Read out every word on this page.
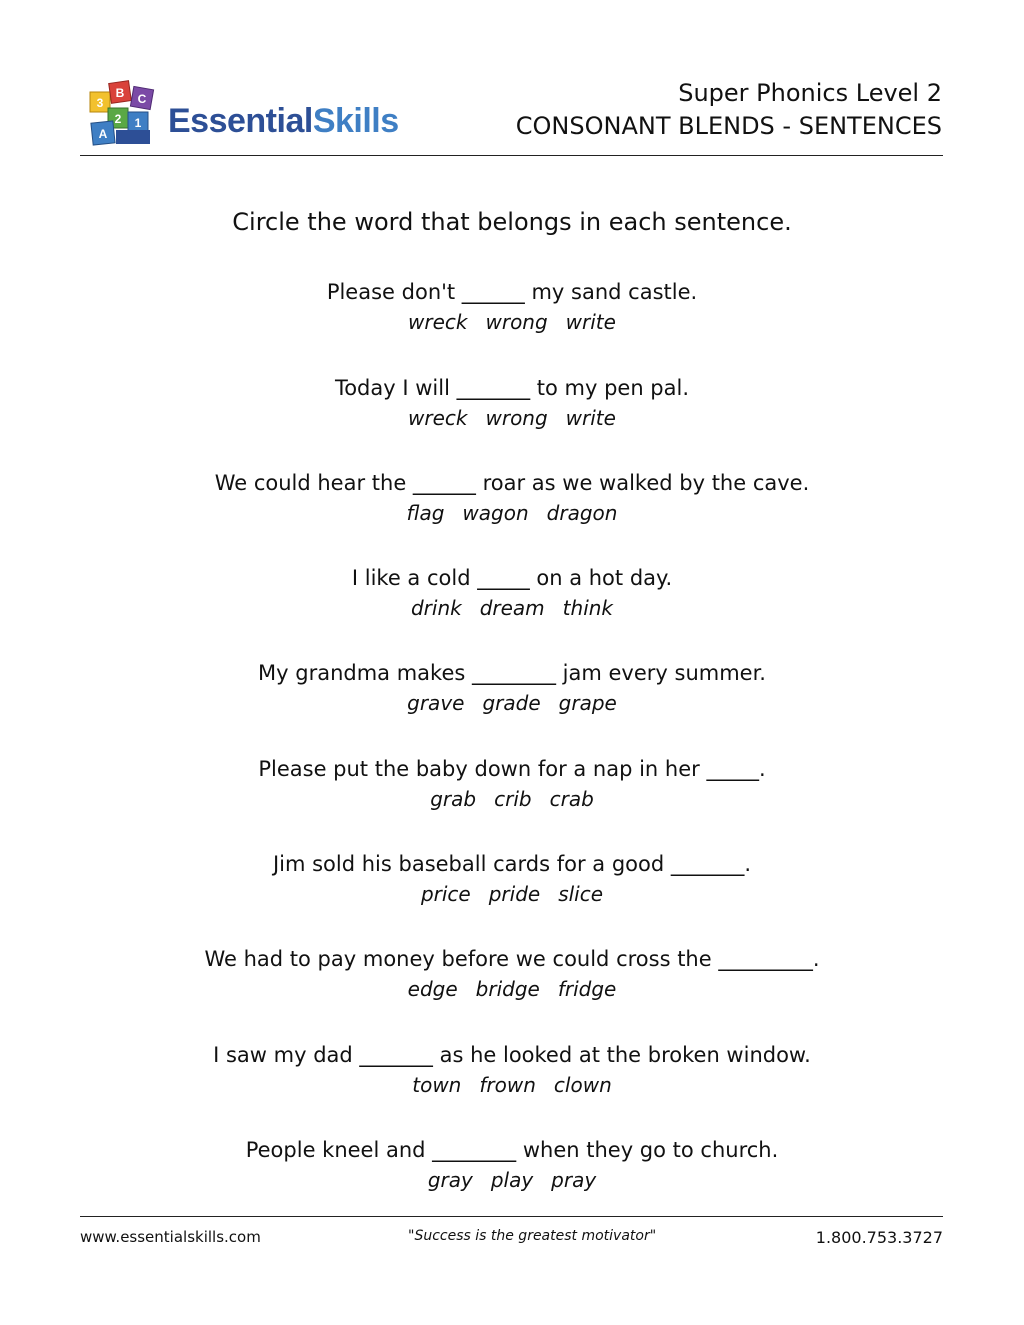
3
B C
2 1
A EssentialSkills
Super Phonics Level 2
CONSONANT BLENDS - SENTENCES
Circle the word that belongs in each sentence.
Please don't ______ my sand castle.
wreck wrong write
Today I will _______ to my pen pal.
wreck wrong write
We could hear the ______ roar as we walked by the cave.
flag wagon dragon
I like a cold _____ on a hot day.
drink dream think
My grandma makes ________ jam every summer.
grave grade grape
Please put the baby down for a nap in her _____.
grab crib crab
Jim sold his baseball cards for a good _______.
price pride slice
We had to pay money before we could cross the _________.
edge bridge fridge
I saw my dad _______ as he looked at the broken window.
town frown clown
People kneel and ________ when they go to church.
gray play pray
www.essentialskills.com	"Success is the greatest motivator"	1.800.753.3727
